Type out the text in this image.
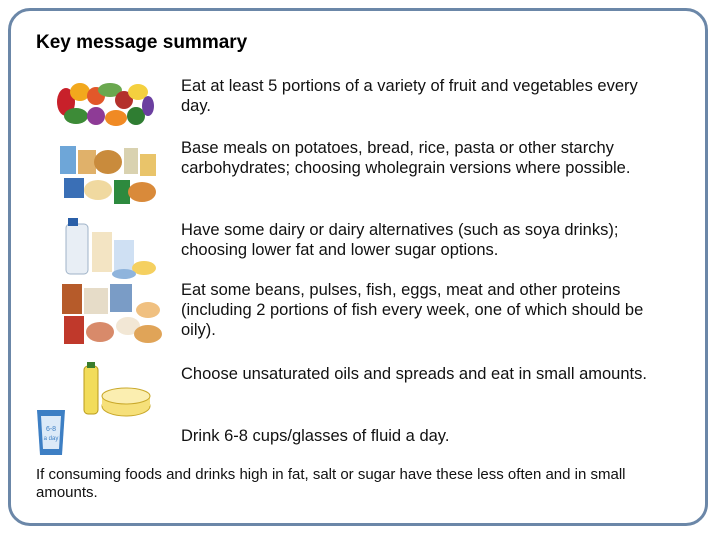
Key message summary
Eat at least 5 portions of a variety of fruit and vegetables every day.
Base meals on potatoes, bread, rice, pasta or other starchy carbohydrates; choosing wholegrain versions where possible.
Have some dairy or dairy alternatives (such as soya drinks); choosing lower fat and lower sugar options.
Eat some beans, pulses, fish, eggs, meat and other proteins (including 2 portions of fish every week, one of which should be oily).
Choose unsaturated oils and spreads and eat in small amounts.
6-8
a day	Drink 6-8 cups/glasses of fluid a day.
If consuming foods and drinks high in fat, salt or sugar have these less often and in small amounts.
